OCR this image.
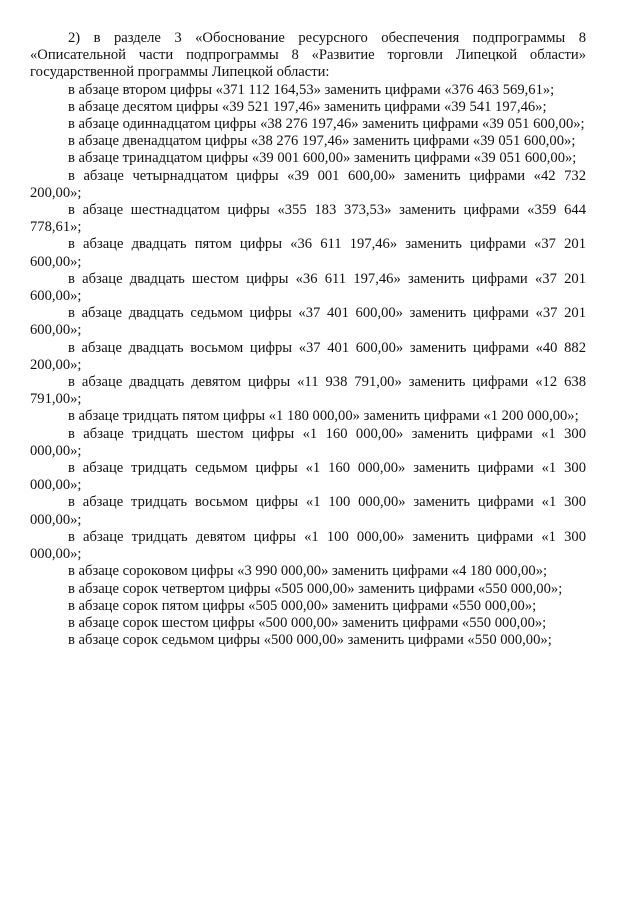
2) в разделе 3 «Обоснование ресурсного обеспечения подпрограммы 8 «Описательной части подпрограммы 8 «Развитие торговли Липецкой области» государственной программы Липецкой области:

в абзаце втором цифры «371 112 164,53» заменить цифрами «376 463 569,61»;

в абзаце десятом цифры «39 521 197,46» заменить цифрами «39 541 197,46»;

в абзаце одиннадцатом цифры «38 276 197,46» заменить цифрами «39 051 600,00»;

в абзаце двенадцатом цифры «38 276 197,46» заменить цифрами «39 051 600,00»;

в абзаце тринадцатом цифры «39 001 600,00» заменить цифрами «39 051 600,00»;

в абзаце четырнадцатом цифры «39 001 600,00» заменить цифрами «42 732 200,00»;

в абзаце шестнадцатом цифры «355 183 373,53» заменить цифрами «359 644 778,61»;

в абзаце двадцать пятом цифры «36 611 197,46» заменить цифрами «37 201 600,00»;

в абзаце двадцать шестом цифры «36 611 197,46» заменить цифрами «37 201 600,00»;

в абзаце двадцать седьмом цифры «37 401 600,00» заменить цифрами «37 201 600,00»;

в абзаце двадцать восьмом цифры «37 401 600,00» заменить цифрами «40 882 200,00»;

в абзаце двадцать девятом цифры «11 938 791,00» заменить цифрами «12 638 791,00»;

в абзаце тридцать пятом цифры «1 180 000,00» заменить цифрами «1 200 000,00»;

в абзаце тридцать шестом цифры «1 160 000,00» заменить цифрами «1 300 000,00»;

в абзаце тридцать седьмом цифры «1 160 000,00» заменить цифрами «1 300 000,00»;

в абзаце тридцать восьмом цифры «1 100 000,00» заменить цифрами «1 300 000,00»;

в абзаце тридцать девятом цифры «1 100 000,00» заменить цифрами «1 300 000,00»;

в абзаце сороковом цифры «3 990 000,00» заменить цифрами «4 180 000,00»;

в абзаце сорок четвертом цифры «505 000,00» заменить цифрами «550 000,00»;

в абзаце сорок пятом цифры «505 000,00» заменить цифрами «550 000,00»;

в абзаце сорок шестом цифры «500 000,00» заменить цифрами «550 000,00»;

в абзаце сорок седьмом цифры «500 000,00» заменить цифрами «550 000,00»;
